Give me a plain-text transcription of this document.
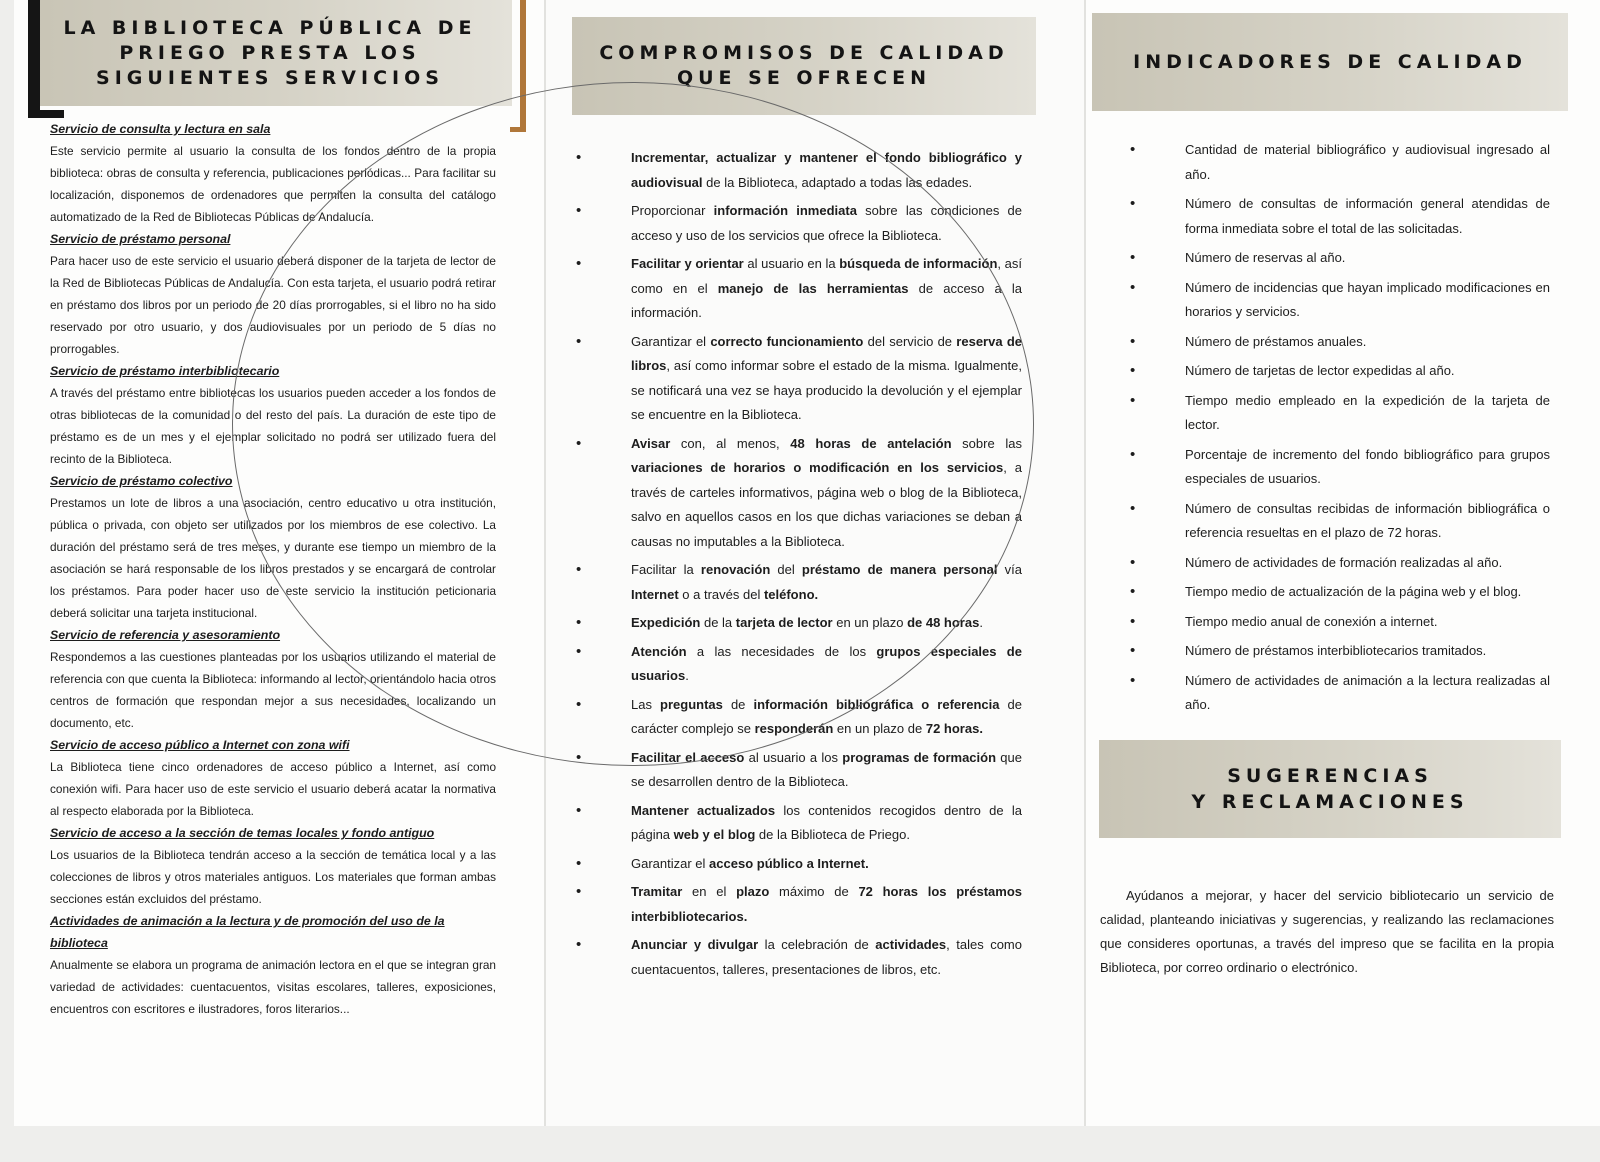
LA BIBLIOTECA PÚBLICA DE
PRIEGO PRESTA LOS
SIGUIENTES SERVICIOS
Servicio de consulta y lectura en sala
Este servicio permite al usuario la consulta de los fondos dentro de la propia biblioteca: obras de consulta y referencia, publicaciones periódicas... Para facilitar su localización, disponemos de ordenadores que permiten la consulta del catálogo automatizado de la Red de Bibliotecas Públicas de Andalucía.
Servicio de préstamo personal
Para hacer uso de este servicio el usuario deberá disponer de la tarjeta de lector de la Red de Bibliotecas Públicas de Andalucía. Con esta tarjeta, el usuario podrá retirar en préstamo dos libros por un periodo de 20 días prorrogables, si el libro no ha sido reservado por otro usuario, y dos audiovisuales por un periodo de 5 días no prorrogables.
Servicio de préstamo interbibliotecario
A través del préstamo entre bibliotecas los usuarios pueden acceder a los fondos de otras bibliotecas de la comunidad o del resto del país. La duración de este tipo de préstamo es de un mes y el ejemplar solicitado no podrá ser utilizado fuera del recinto de la Biblioteca.
Servicio de préstamo colectivo
Prestamos un lote de libros a una asociación, centro educativo u otra institución, pública o privada, con objeto ser utilizados por los miembros de ese colectivo. La duración del préstamo será de tres meses, y durante ese tiempo un miembro de la asociación se hará responsable de los libros prestados y se encargará de controlar los préstamos. Para poder hacer uso de este servicio la institución peticionaria deberá solicitar una tarjeta institucional.
Servicio de referencia y asesoramiento
Respondemos a las cuestiones planteadas por los usuarios utilizando el material de referencia con que cuenta la Biblioteca: informando al lector, orientándolo hacia otros centros de formación que respondan mejor a sus necesidades, localizando un documento, etc.
Servicio de acceso público a Internet con zona wifi
La Biblioteca tiene cinco ordenadores de acceso público a Internet, así como conexión wifi. Para hacer uso de este servicio el usuario deberá acatar la normativa al respecto elaborada por la Biblioteca.
Servicio de acceso a la sección de temas locales y fondo antiguo
Los usuarios de la Biblioteca tendrán acceso a la sección de temática local y a las colecciones de libros y otros materiales antiguos. Los materiales que forman ambas secciones están excluidos del préstamo.
Actividades de animación a la lectura y de promoción del uso de la biblioteca
Anualmente se elabora un programa de animación lectora en el que se integran gran variedad de actividades: cuentacuentos, visitas escolares, talleres, exposiciones, encuentros con escritores e ilustradores, foros literarios...
COMPROMISOS DE CALIDAD
QUE SE OFRECEN
•	Incrementar, actualizar y mantener el fondo bibliográfico y audiovisual de la Biblioteca, adaptado a todas las edades.
•	Proporcionar información inmediata sobre las condiciones de acceso y uso de los servicios que ofrece la Biblioteca.
•	Facilitar y orientar al usuario en la búsqueda de información, así como en el manejo de las herramientas de acceso a la información.
•	Garantizar el correcto funcionamiento del servicio de reserva de libros, así como informar sobre el estado de la misma. Igualmente, se notificará una vez se haya producido la devolución y el ejemplar se encuentre en la Biblioteca.
•	Avisar con, al menos, 48 horas de antelación sobre las variaciones de horarios o modificación en los servicios, a través de carteles informativos, página web o blog de la Biblioteca, salvo en aquellos casos en los que dichas variaciones se deban a causas no imputables a la Biblioteca.
•	Facilitar la renovación del préstamo de manera personal vía Internet o a través del teléfono.
•	Expedición de la tarjeta de lector en un plazo de 48 horas.
•	Atención a las necesidades de los grupos especiales de usuarios.
•	Las preguntas de información bibliográfica o referencia de carácter complejo se responderán en un plazo de 72 horas.
•	Facilitar el acceso al usuario a los programas de formación que se desarrollen dentro de la Biblioteca.
•	Mantener actualizados los contenidos recogidos dentro de la página web y el blog de la Biblioteca de Priego.
•	Garantizar el acceso público a Internet.
•	Tramitar en el plazo máximo de 72 horas los préstamos interbibliotecarios.
•	Anunciar y divulgar la celebración de actividades, tales como cuentacuentos, talleres, presentaciones de libros, etc.
INDICADORES DE CALIDAD
•	Cantidad de material bibliográfico y audiovisual ingresado al año.
•	Número de consultas de información general atendidas de forma inmediata sobre el total de las solicitadas.
•	Número de reservas al año.
•	Número de incidencias que hayan implicado modificaciones en horarios y servicios.
•	Número de préstamos anuales.
•	Número de tarjetas de lector expedidas al año.
•	Tiempo medio empleado en la expedición de la tarjeta de lector.
•	Porcentaje de incremento del fondo bibliográfico para grupos especiales de usuarios.
•	Número de consultas recibidas de información bibliográfica o referencia resueltas en el plazo de 72 horas.
•	Número de actividades de formación realizadas al año.
•	Tiempo medio de actualización de la página web y el blog.
•	Tiempo medio anual de conexión a internet.
•	Número de préstamos interbibliotecarios tramitados.
•	Número de actividades de animación a la lectura realizadas al año.
SUGERENCIAS
Y RECLAMACIONES
Ayúdanos a mejorar, y hacer del servicio bibliotecario un servicio de calidad, planteando iniciativas y sugerencias, y realizando las reclamaciones que consideres oportunas, a través del impreso que se facilita en la propia Biblioteca, por correo ordinario o electrónico.
